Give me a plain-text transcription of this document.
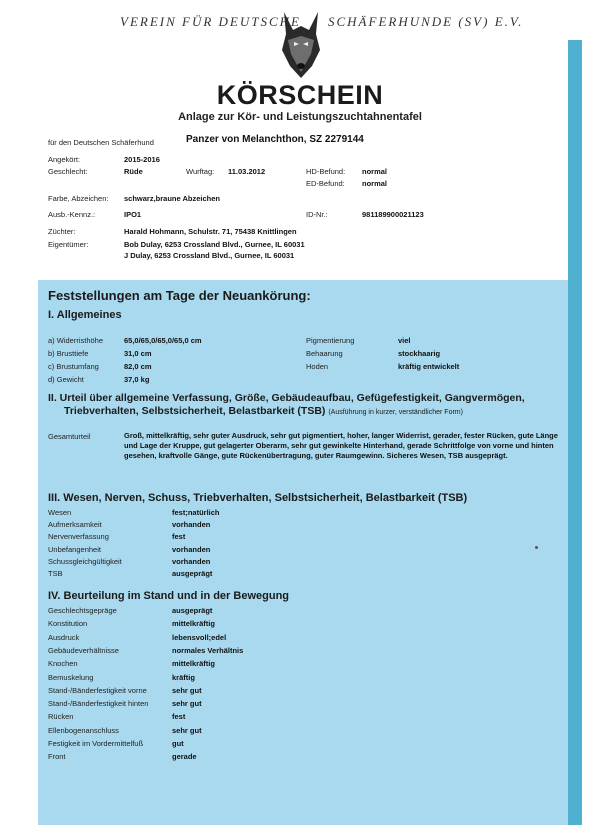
VEREIN FÜR DEUTSCHE SCHÄFERHUNDE (SV) E.V.
KÖRSCHEIN
Anlage zur Kör- und Leistungszuchtahnentafel
für den Deutschen Schäferhund	Panzer von Melanchthon, SZ 2279144
Angekört:	2015-2016
Geschlecht:	Rüde	Wurftag: 11.03.2012	HD-Befund: normal
ED-Befund: normal
Farbe, Abzeichen: schwarz,braune Abzeichen
Ausb.-Kennz.:	IPO1	ID-Nr.:	981189900021123
Züchter:	Harald Hohmann, Schulstr. 71, 75438 Knittlingen
Eigentümer:	Bob Dulay, 6253 Crossland Blvd., Gurnee, IL 60031
J Dulay, 6253 Crossland Blvd., Gurnee, IL 60031
Feststellungen am Tage der Neuankörung:
I. Allgemeines
a) Widerristhöhe	65,0/65,0/65,0/65,0 cm
b) Brusttiefe	31,0 cm
c) Brustumfang	82,0 cm
d) Gewicht	37,0 kg
Pigmentierung	viel
Behaarung	stockhaarig
Hoden	kräftig entwickelt
II. Urteil über allgemeine Verfassung, Größe, Gebäudeaufbau, Gefügefestigkeit, Gangvermögen,
Triebverhalten, Selbstsicherheit, Belastbarkeit (TSB) (Ausführung in kurzer, verständlicher Form)
Gesamturteil	Groß, mittelkräftig, sehr guter Ausdruck, sehr gut pigmentiert, hoher, langer Widerrist, gerader, fester Rücken, gute Länge und Lage der Kruppe, gut gelagerter Oberarm, sehr gut gewinkelte Hinterhand, gerade Schrittfolge von vorne und hinten gesehen, kraftvolle Gänge, gute Rückenübertragung, guter Raumgewinn. Sicheres Wesen, TSB ausgeprägt.
III. Wesen, Nerven, Schuss, Triebverhalten, Selbstsicherheit, Belastbarkeit (TSB)
Wesen	fest;natürlich
Aufmerksamkeit	vorhanden
Nervenverfassung	fest
Unbefangenheit	vorhanden
Schussgleichgültigkeit	vorhanden
TSB	ausgeprägt
IV. Beurteilung im Stand und in der Bewegung
Geschlechtsgepräge	ausgeprägt
Konstitution	mittelkräftig
Ausdruck	lebensvoll;edel
Gebäudeverhältnisse	normales Verhältnis
Knochen	mittelkräftig
Bemuskelung	kräftig
Stand-/Bänderfestigkeit vorne	sehr gut
Stand-/Bänderfestigkeit hinten	sehr gut
Rücken	fest
Ellenbogenanschluss	sehr gut
Festigkeit im Vordermittelfuß	gut
Front	gerade
